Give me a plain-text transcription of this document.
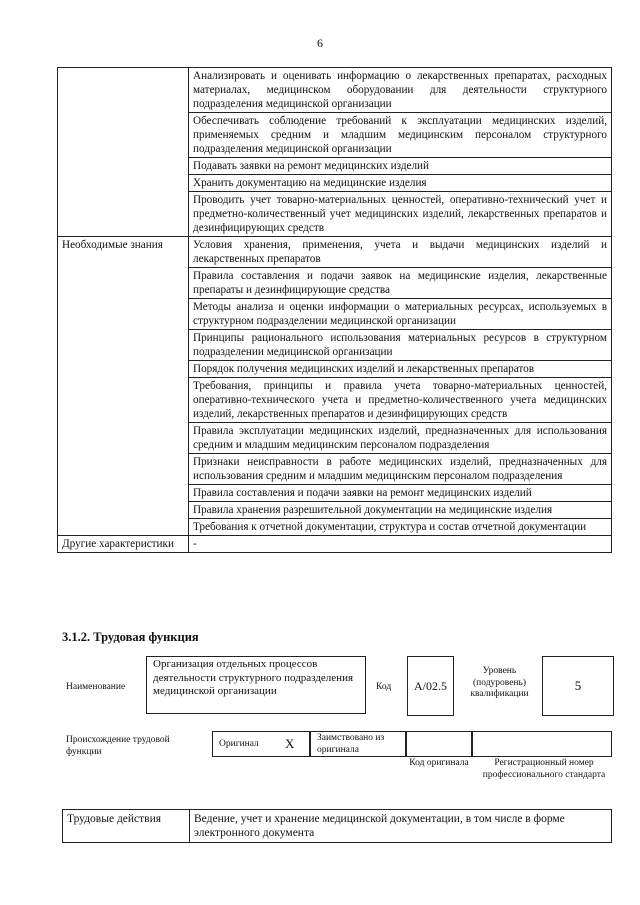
6
	Анализировать и оценивать информацию о лекарственных препаратах, расходных материалах, медицинском оборудовании для деятельности структурного подразделения медицинской организации
	Обеспечивать соблюдение требований к эксплуатации медицинских изделий, применяемых средним и младшим медицинским персоналом структурного подразделения медицинской организации
	Подавать заявки на ремонт медицинских изделий
	Хранить документацию на медицинские изделия
	Проводить учет товарно-материальных ценностей, оперативно-технический учет и предметно-количественный учет медицинских изделий, лекарственных препаратов и дезинфицирующих средств
Необходимые знания	Условия хранения, применения, учета и выдачи медицинских изделий и лекарственных препаратов
	Правила составления и подачи заявок на медицинские изделия, лекарственные препараты и дезинфицирующие средства
	Методы анализа и оценки информации о материальных ресурсах, используемых в структурном подразделении медицинской организации
	Принципы рационального использования материальных ресурсов в структурном подразделении медицинской организации
	Порядок получения медицинских изделий и лекарственных препаратов
	Требования, принципы и правила учета товарно-материальных ценностей, оперативно-технического учета и предметно-количественного учета медицинских изделий, лекарственных препаратов и дезинфицирующих средств
	Правила эксплуатации медицинских изделий, предназначенных для использования средним и младшим медицинским персоналом подразделения
	Признаки неисправности в работе медицинских изделий, предназначенных для использования средним и младшим медицинским персоналом подразделения
	Правила составления и подачи заявки на ремонт медицинских изделий
	Правила хранения разрешительной документации на медицинские изделия
	Требования к отчетной документации, структура и состав отчетной документации
Другие характеристики	-
3.1.2. Трудовая функция
Наименование
Организация отдельных процессов деятельности структурного подразделения медицинской организации	Код	A/02.5
Уровень (подуровень) квалификации
5
Происхождение трудовой функции
Оригинал X Заимствовано из оригинала
Код оригинала	Регистрационный номер профессионального стандарта
Трудовые действия	Ведение, учет и хранение медицинской документации, в том числе в форме электронного документа
